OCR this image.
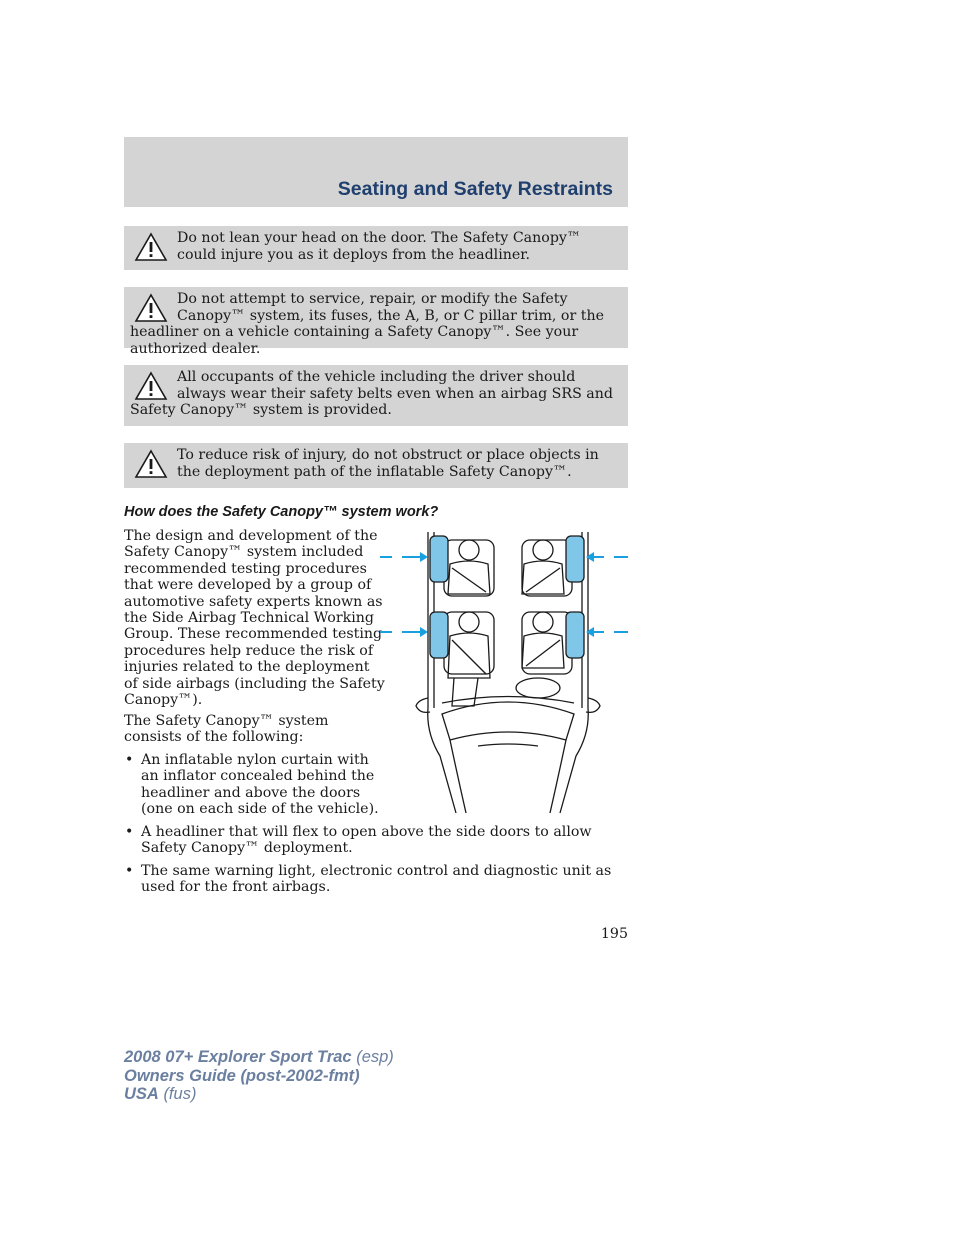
Seating and Safety Restraints

Do not lean your head on the door. The Safety Canopy™ could injure you as it deploys from the headliner.

Do not attempt to service, repair, or modify the Safety Canopy™ system, its fuses, the A, B, or C pillar trim, or the headliner on a vehicle containing a Safety Canopy™. See your authorized dealer.

All occupants of the vehicle including the driver should always wear their safety belts even when an airbag SRS and Safety Canopy™ system is provided.

To reduce risk of injury, do not obstruct or place objects in the deployment path of the inflatable Safety Canopy™.

How does the Safety Canopy™ system work?

The design and development of the Safety Canopy™ system included recommended testing procedures that were developed by a group of automotive safety experts known as the Side Airbag Technical Working Group. These recommended testing procedures help reduce the risk of injuries related to the deployment of side airbags (including the Safety Canopy™).

The Safety Canopy™ system consists of the following:

• An inflatable nylon curtain with an inflator concealed behind the headliner and above the doors (one on each side of the vehicle).
• A headliner that will flex to open above the side doors to allow Safety Canopy™ deployment.
• The same warning light, electronic control and diagnostic unit as used for the front airbags.

195

2008 07+ Explorer Sport Trac (esp)
Owners Guide (post-2002-fmt)
USA (fus)
